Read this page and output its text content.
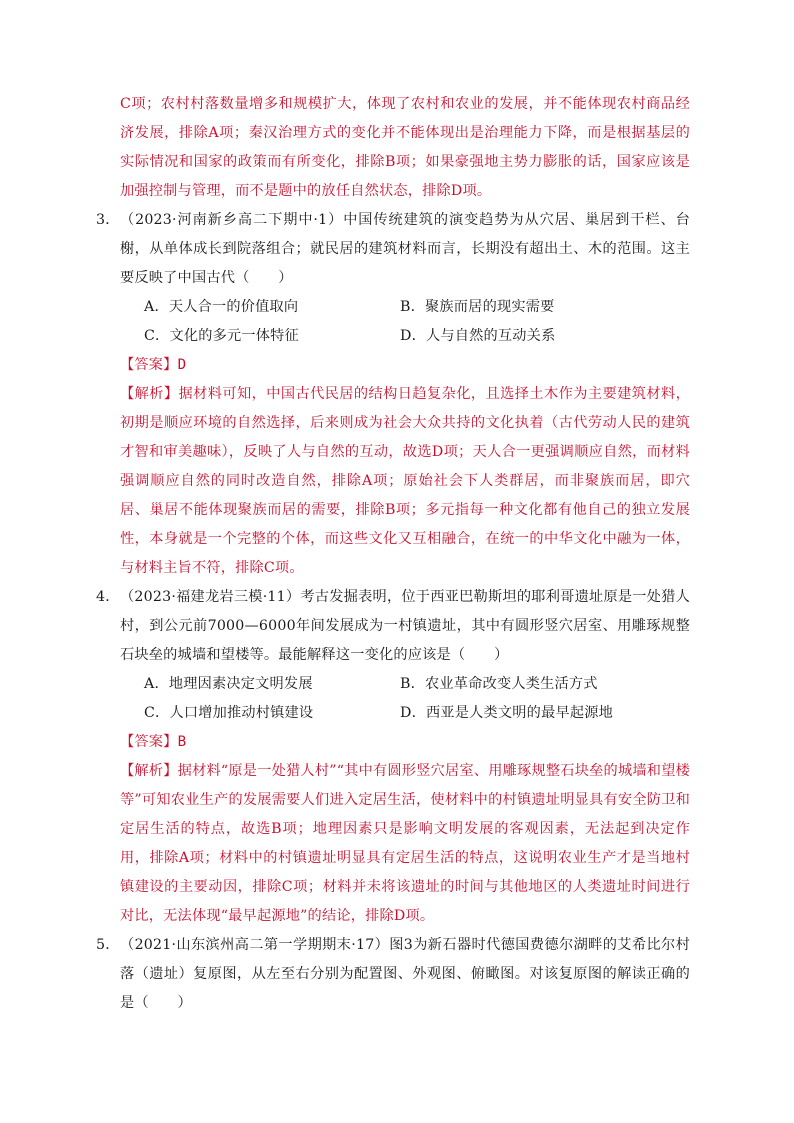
C项；农村村落数量增多和规模扩大，体现了农村和农业的发展，并不能体现农村商品经济发展，排除A项；秦汉治理方式的变化并不能体现出是治理能力下降，而是根据基层的实际情况和国家的政策而有所变化，排除B项；如果豪强地主势力膨胀的话，国家应该是加强控制与管理，而不是题中的放任自然状态，排除D项。

3． （2023·河南新乡高二下期中·1）中国传统建筑的演变趋势为从穴居、巢居到干栏、台榭，从单体成长到院落组合；就民居的建筑材料而言，长期没有超出土、木的范围。这主要反映了中国古代（　　）
A．天人合一的价值取向	B．聚族而居的现实需要
C．文化的多元一体特征	D．人与自然的互动关系

【答案】D

【解析】据材料可知，中国古代民居的结构日趋复杂化，且选择土木作为主要建筑材料，初期是顺应环境的自然选择，后来则成为社会大众共持的文化执着（古代劳动人民的建筑才智和审美趣味），反映了人与自然的互动，故选D项；天人合一更强调顺应自然，而材料强调顺应自然的同时改造自然，排除A项；原始社会下人类群居，而非聚族而居，即穴居、巢居不能体现聚族而居的需要，排除B项；多元指每一种文化都有他自己的独立发展性，本身就是一个完整的个体，而这些文化又互相融合，在统一的中华文化中融为一体，与材料主旨不符，排除C项。

4． （2023·福建龙岩三模·11）考古发掘表明，位于西亚巴勒斯坦的耶利哥遗址原是一处猎人村，到公元前7000—6000年间发展成为一村镇遗址，其中有圆形竖穴居室、用雕琢规整石块垒的城墙和望楼等。最能解释这一变化的应该是（　　）
A．地理因素决定文明发展	B．农业革命改变人类生活方式
C．人口增加推动村镇建设	D．西亚是人类文明的最早起源地

【答案】B

【解析】据材料“原是一处猎人村”“其中有圆形竖穴居室、用雕琢规整石块垒的城墙和望楼等”可知农业生产的发展需要人们进入定居生活，使材料中的村镇遗址明显具有安全防卫和定居生活的特点，故选B项；地理因素只是影响文明发展的客观因素，无法起到决定作用，排除A项；材料中的村镇遗址明显具有定居生活的特点，这说明农业生产才是当地村镇建设的主要动因，排除C项；材料并未将该遗址的时间与其他地区的人类遗址时间进行对比，无法体现“最早起源地”的结论，排除D项。

5． （2021·山东滨州高二第一学期期末·17）图3为新石器时代德国费德尔湖畔的艾希比尔村落（遗址）复原图，从左至右分别为配置图、外观图、俯瞰图。对该复原图的解读正确的是（　　）
